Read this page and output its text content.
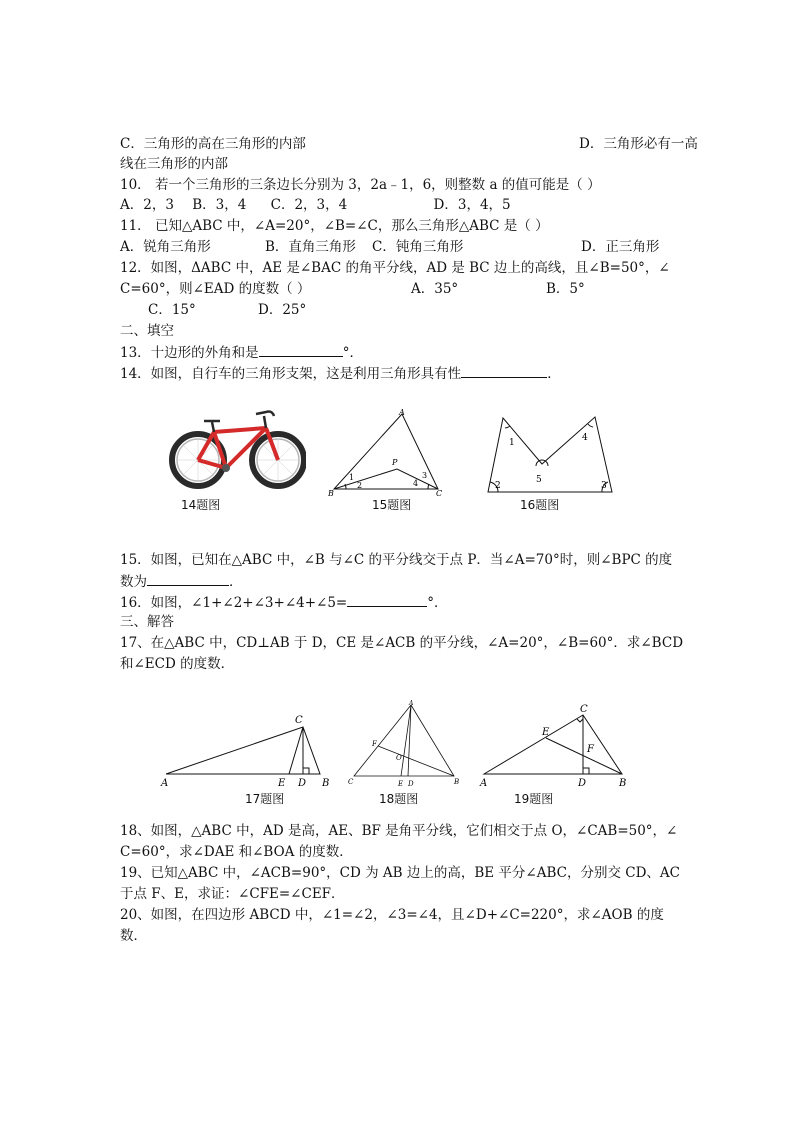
C．三角形的高在三角形的内部	D．三角形必有一高
线在三角形的内部
10． 若一个三角形的三条边长分别为 3，2a﹣1，6，则整数 a 的值可能是（ ）
A．2，3 B．3，4 C．2，3，4	D．3，4，5
11． 已知△ABC 中，∠A=20°，∠B=∠C，那么三角形△ABC 是（ ）
A．锐角三角形	B．直角三角形 C．钝角三角形	D．正三角形
12．如图，ΔABC 中，AE 是∠BAC 的角平分线，AD 是 BC 边上的高线，且∠B=50°，∠
C=60°，则∠EAD 的度数（ ）	A．35°	B．5°
C．15°	D．25°
二、填空
13．十边形的外角和是	°．
14．如图，自行车的三角形支架，这是利用三角形具有性	．
14题图
A
B	C
P
1
2
3
4
15题图
1
2	3
4
5
16题图
15．如图，已知在△ABC 中，∠B 与∠C 的平分线交于点 P．当∠A=70°时，则∠BPC 的度
数为	．
16．如图，∠1+∠2+∠3+∠4+∠5=	°．
三、解答
17、在△ABC 中，CD⊥AB 于 D，CE 是∠ACB 的平分线，∠A=20°，∠B=60°．求∠BCD
和∠ECD 的度数．
A	B
C
D
E
17题图
A
B
C	D
E
F
O
18题图
A	B
C
D
E
F
19题图
18、如图，△ABC 中，AD 是高，AE、BF 是角平分线，它们相交于点 O，∠CAB=50°，∠
C=60°，求∠DAE 和∠BOA 的度数．
19、已知△ABC 中，∠ACB=90°，CD 为 AB 边上的高，BE 平分∠ABC，分别交 CD、AC
于点 F、E，求证：∠CFE=∠CEF．
20、如图，在四边形 ABCD 中，∠1=∠2，∠3=∠4，且∠D+∠C=220°，求∠AOB 的度
数．
